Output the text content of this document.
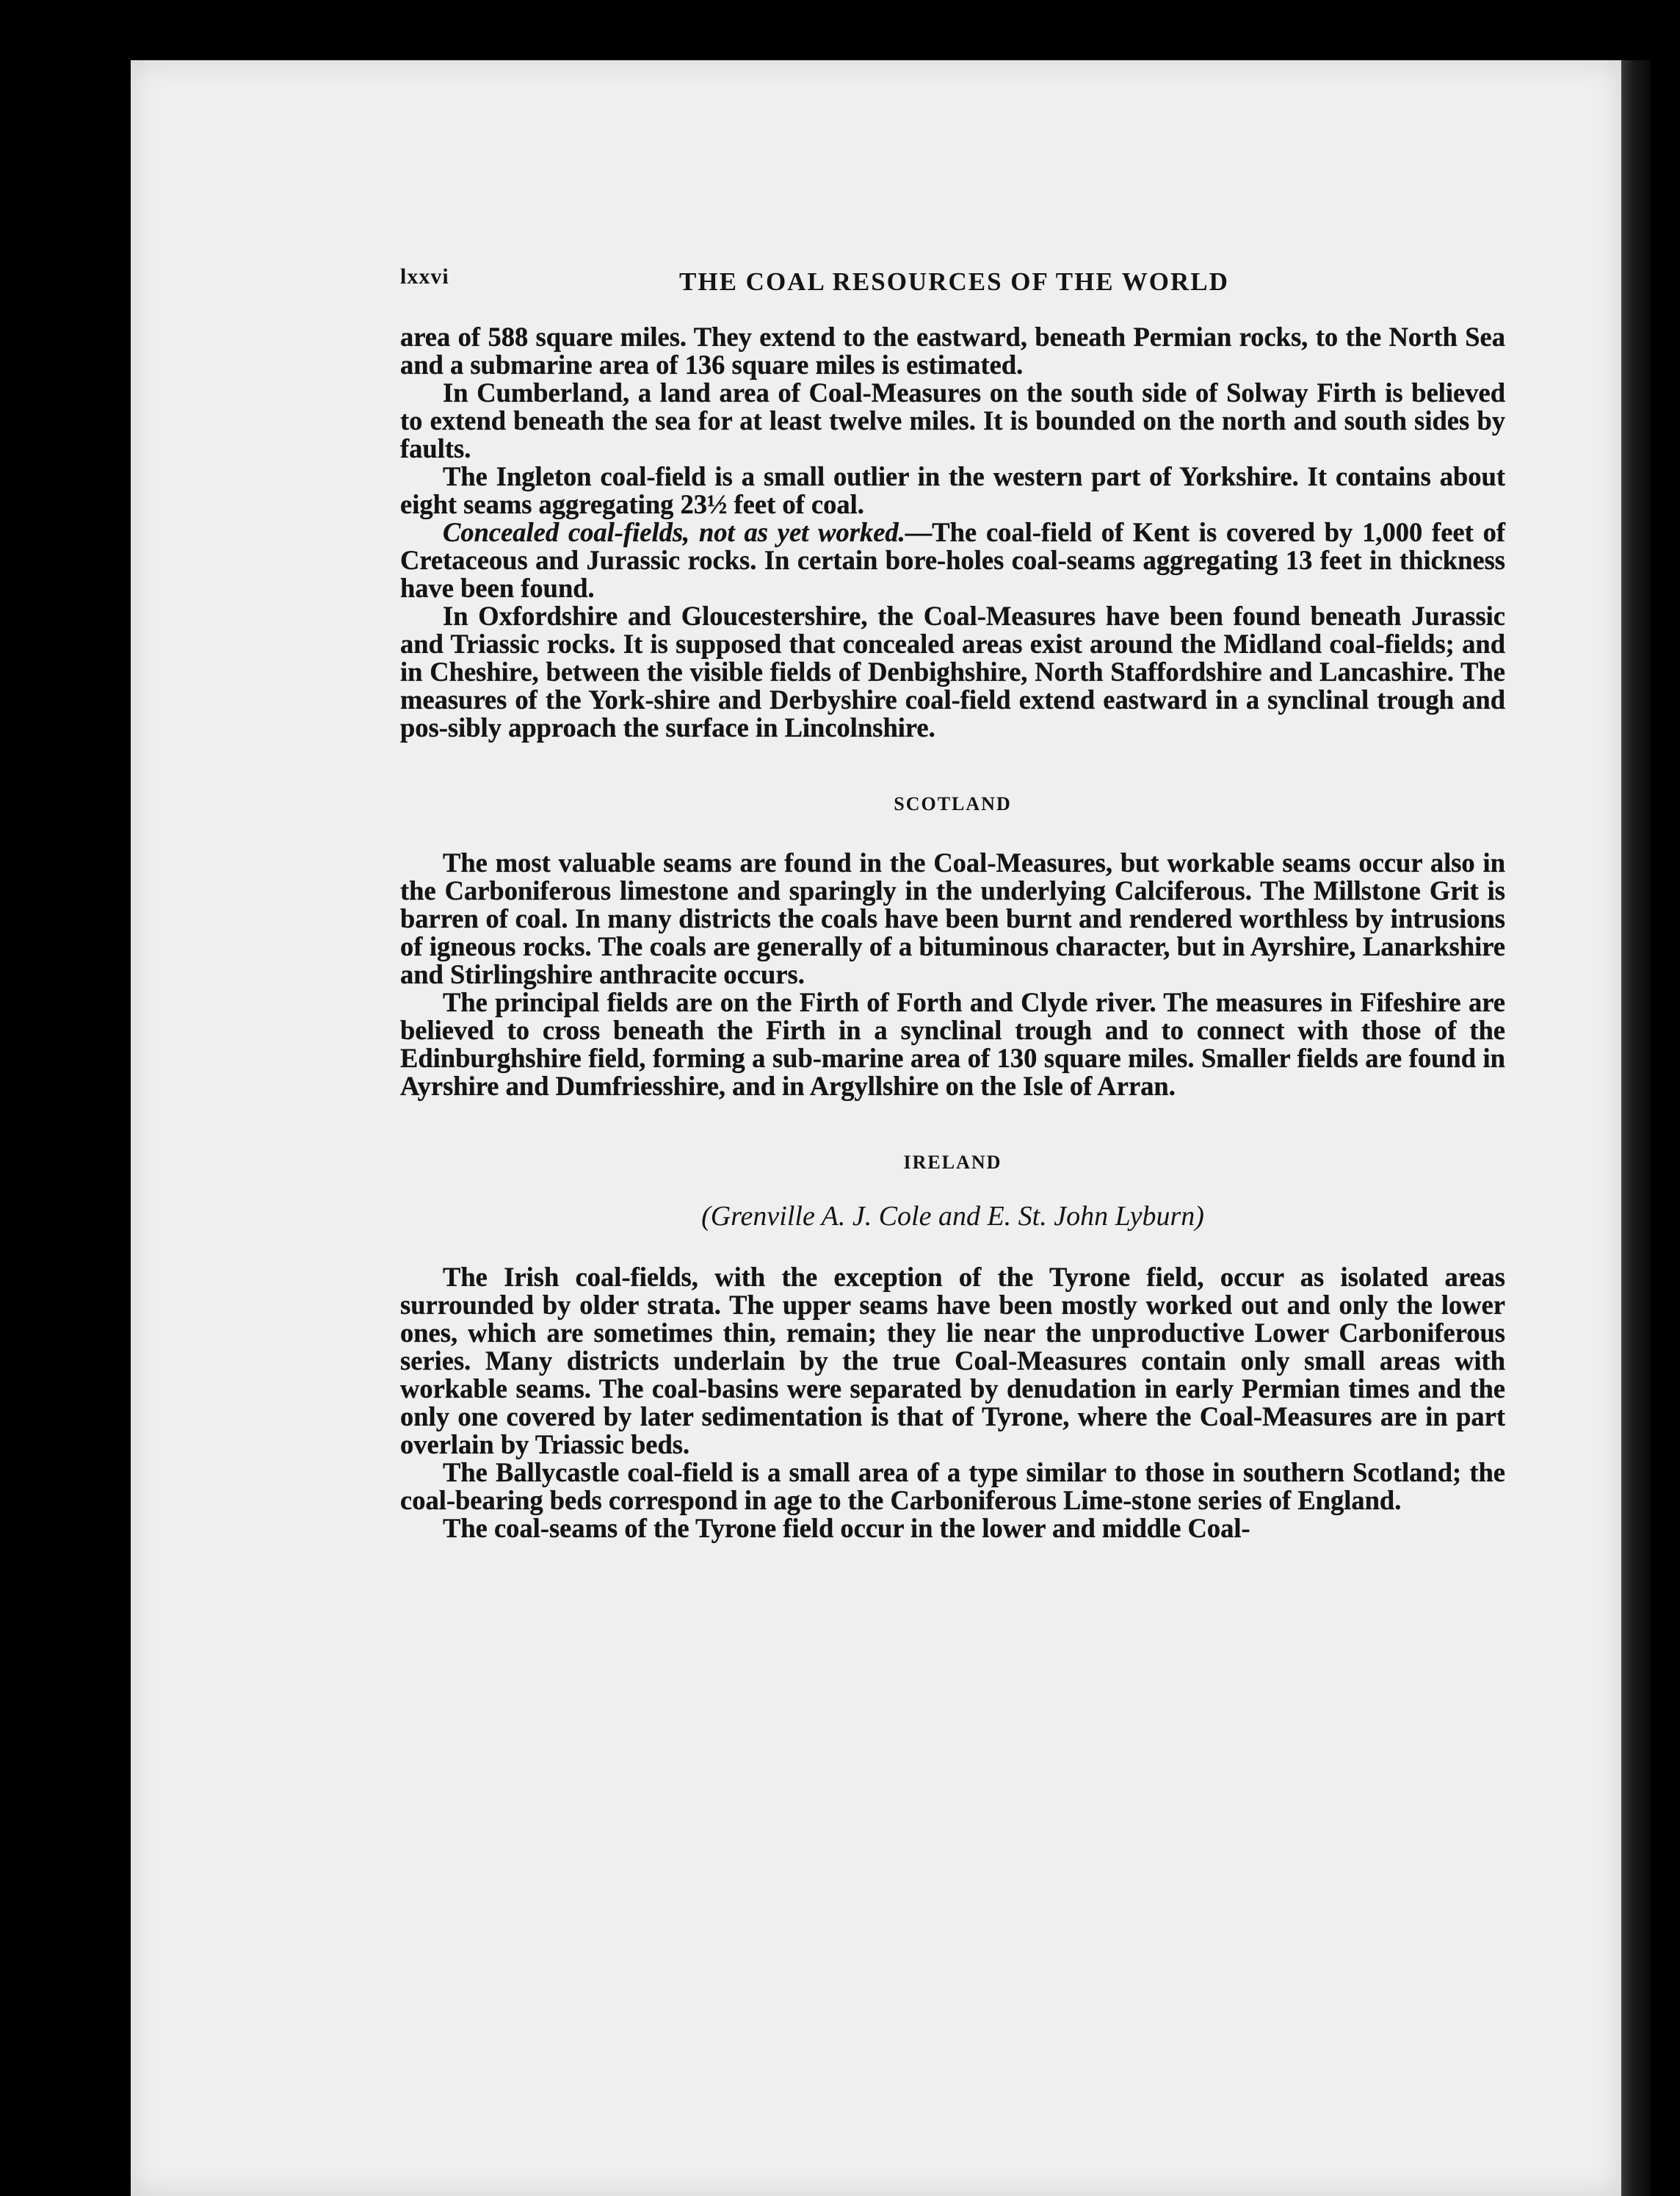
lxxvi	THE COAL RESOURCES OF THE WORLD

area of 588 square miles. They extend to the eastward, beneath Permian rocks, to the North Sea and a submarine area of 136 square miles is estimated.

In Cumberland, a land area of Coal-Measures on the south side of Solway Firth is believed to extend beneath the sea for at least twelve miles. It is bounded on the north and south sides by faults.

The Ingleton coal-field is a small outlier in the western part of Yorkshire. It contains about eight seams aggregating 23½ feet of coal.

Concealed coal-fields, not as yet worked.—The coal-field of Kent is covered by 1,000 feet of Cretaceous and Jurassic rocks. In certain bore-holes coal-seams aggregating 13 feet in thickness have been found.

In Oxfordshire and Gloucestershire, the Coal-Measures have been found beneath Jurassic and Triassic rocks. It is supposed that concealed areas exist around the Midland coal-fields; and in Cheshire, between the visible fields of Denbighshire, North Staffordshire and Lancashire. The measures of the York-shire and Derbyshire coal-field extend eastward in a synclinal trough and pos-sibly approach the surface in Lincolnshire.

SCOTLAND

The most valuable seams are found in the Coal-Measures, but workable seams occur also in the Carboniferous limestone and sparingly in the underlying Calciferous. The Millstone Grit is barren of coal. In many districts the coals have been burnt and rendered worthless by intrusions of igneous rocks. The coals are generally of a bituminous character, but in Ayrshire, Lanarkshire and Stirlingshire anthracite occurs.

The principal fields are on the Firth of Forth and Clyde river. The measures in Fifeshire are believed to cross beneath the Firth in a synclinal trough and to connect with those of the Edinburghshire field, forming a sub-marine area of 130 square miles. Smaller fields are found in Ayrshire and Dumfriesshire, and in Argyllshire on the Isle of Arran.

IRELAND
(Grenville A. J. Cole and E. St. John Lyburn)

The Irish coal-fields, with the exception of the Tyrone field, occur as isolated areas surrounded by older strata. The upper seams have been mostly worked out and only the lower ones, which are sometimes thin, remain; they lie near the unproductive Lower Carboniferous series. Many districts underlain by the true Coal-Measures contain only small areas with workable seams. The coal-basins were separated by denudation in early Permian times and the only one covered by later sedimentation is that of Tyrone, where the Coal-Measures are in part overlain by Triassic beds.

The Ballycastle coal-field is a small area of a type similar to those in southern Scotland; the coal-bearing beds correspond in age to the Carboniferous Lime-stone series of England.

The coal-seams of the Tyrone field occur in the lower and middle Coal-
